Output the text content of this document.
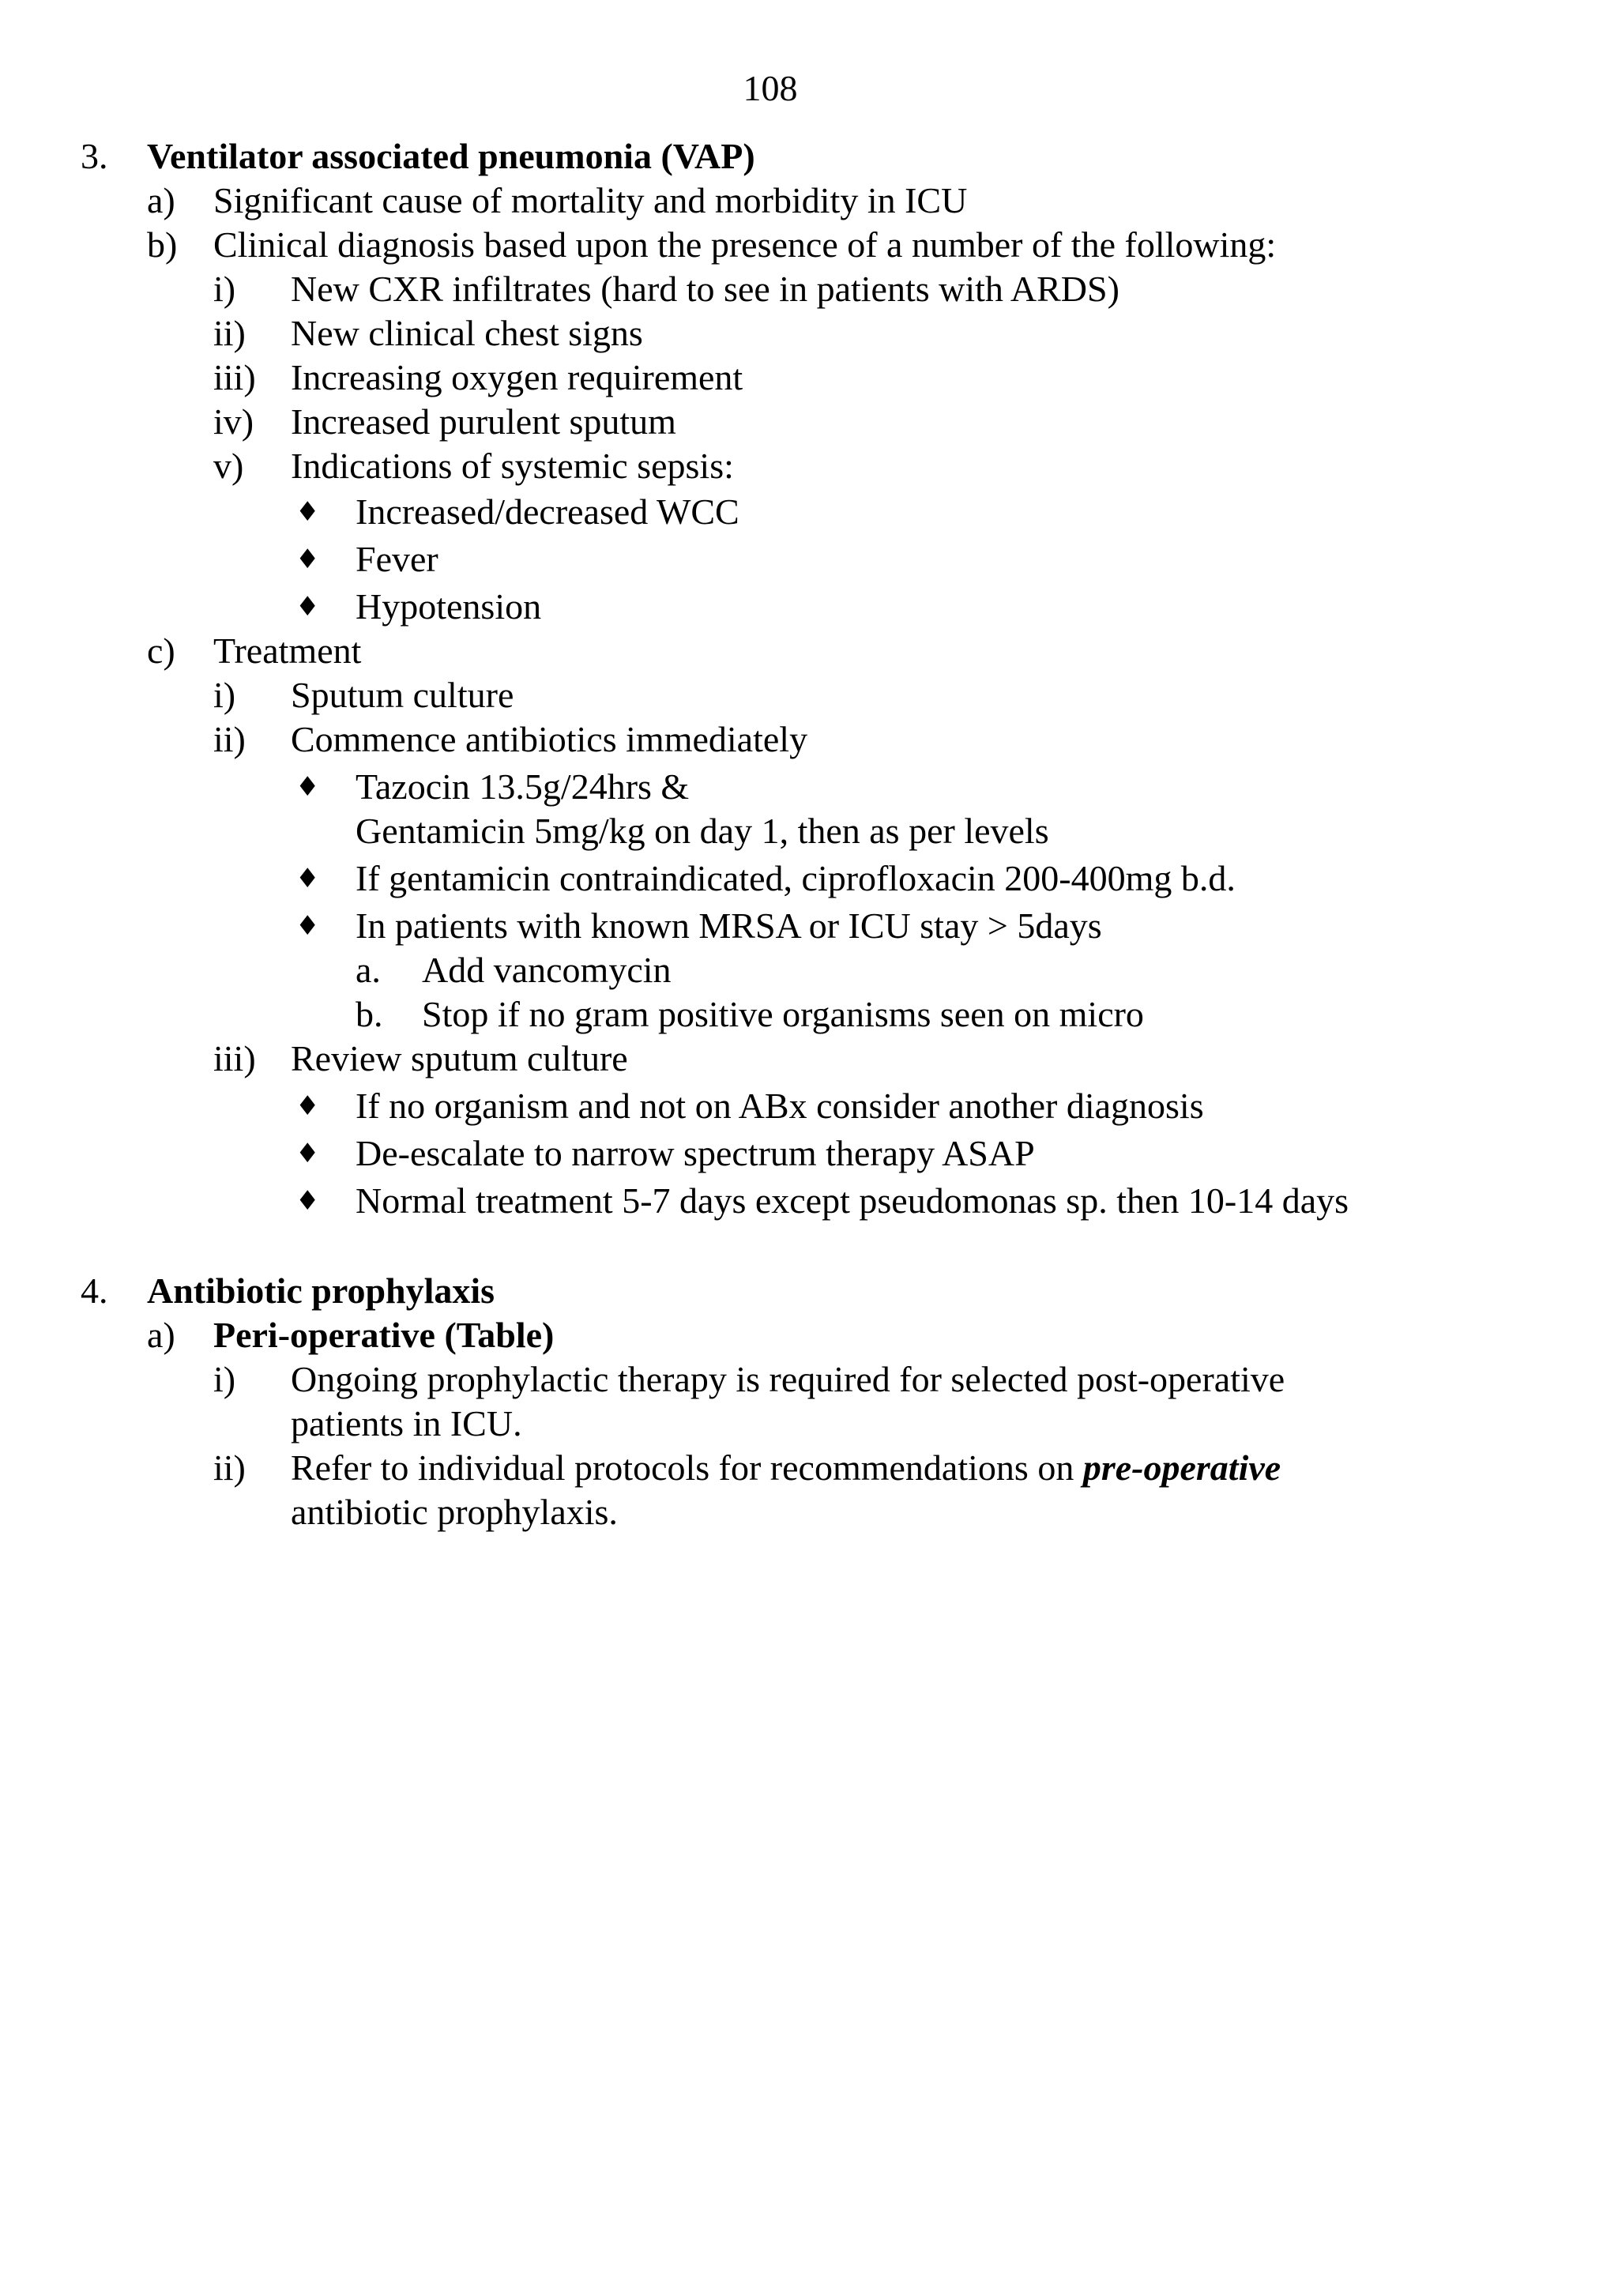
108
3. Ventilator associated pneumonia (VAP)
a) Significant cause of mortality and morbidity in ICU
b) Clinical diagnosis based upon the presence of a number of the following:
i) New CXR infiltrates (hard to see in patients with ARDS)
ii) New clinical chest signs
iii) Increasing oxygen requirement
iv) Increased purulent sputum
v) Indications of systemic sepsis:
♦ Increased/decreased WCC
♦ Fever
♦ Hypotension
c) Treatment
i) Sputum culture
ii) Commence antibiotics immediately
♦ Tazocin 13.5g/24hrs &
Gentamicin 5mg/kg on day 1, then as per levels
♦ If gentamicin contraindicated, ciprofloxacin 200-400mg b.d.
♦ In patients with known MRSA or ICU stay > 5days
a. Add vancomycin
b. Stop if no gram positive organisms seen on micro
iii) Review sputum culture
♦ If no organism and not on ABx consider another diagnosis
♦ De-escalate to narrow spectrum therapy ASAP
♦ Normal treatment 5-7 days except pseudomonas sp. then 10-14 days
4. Antibiotic prophylaxis
a) Peri-operative (Table)
i) Ongoing prophylactic therapy is required for selected post-operative
patients in ICU.
ii) Refer to individual protocols for recommendations on pre-operative
antibiotic prophylaxis.
